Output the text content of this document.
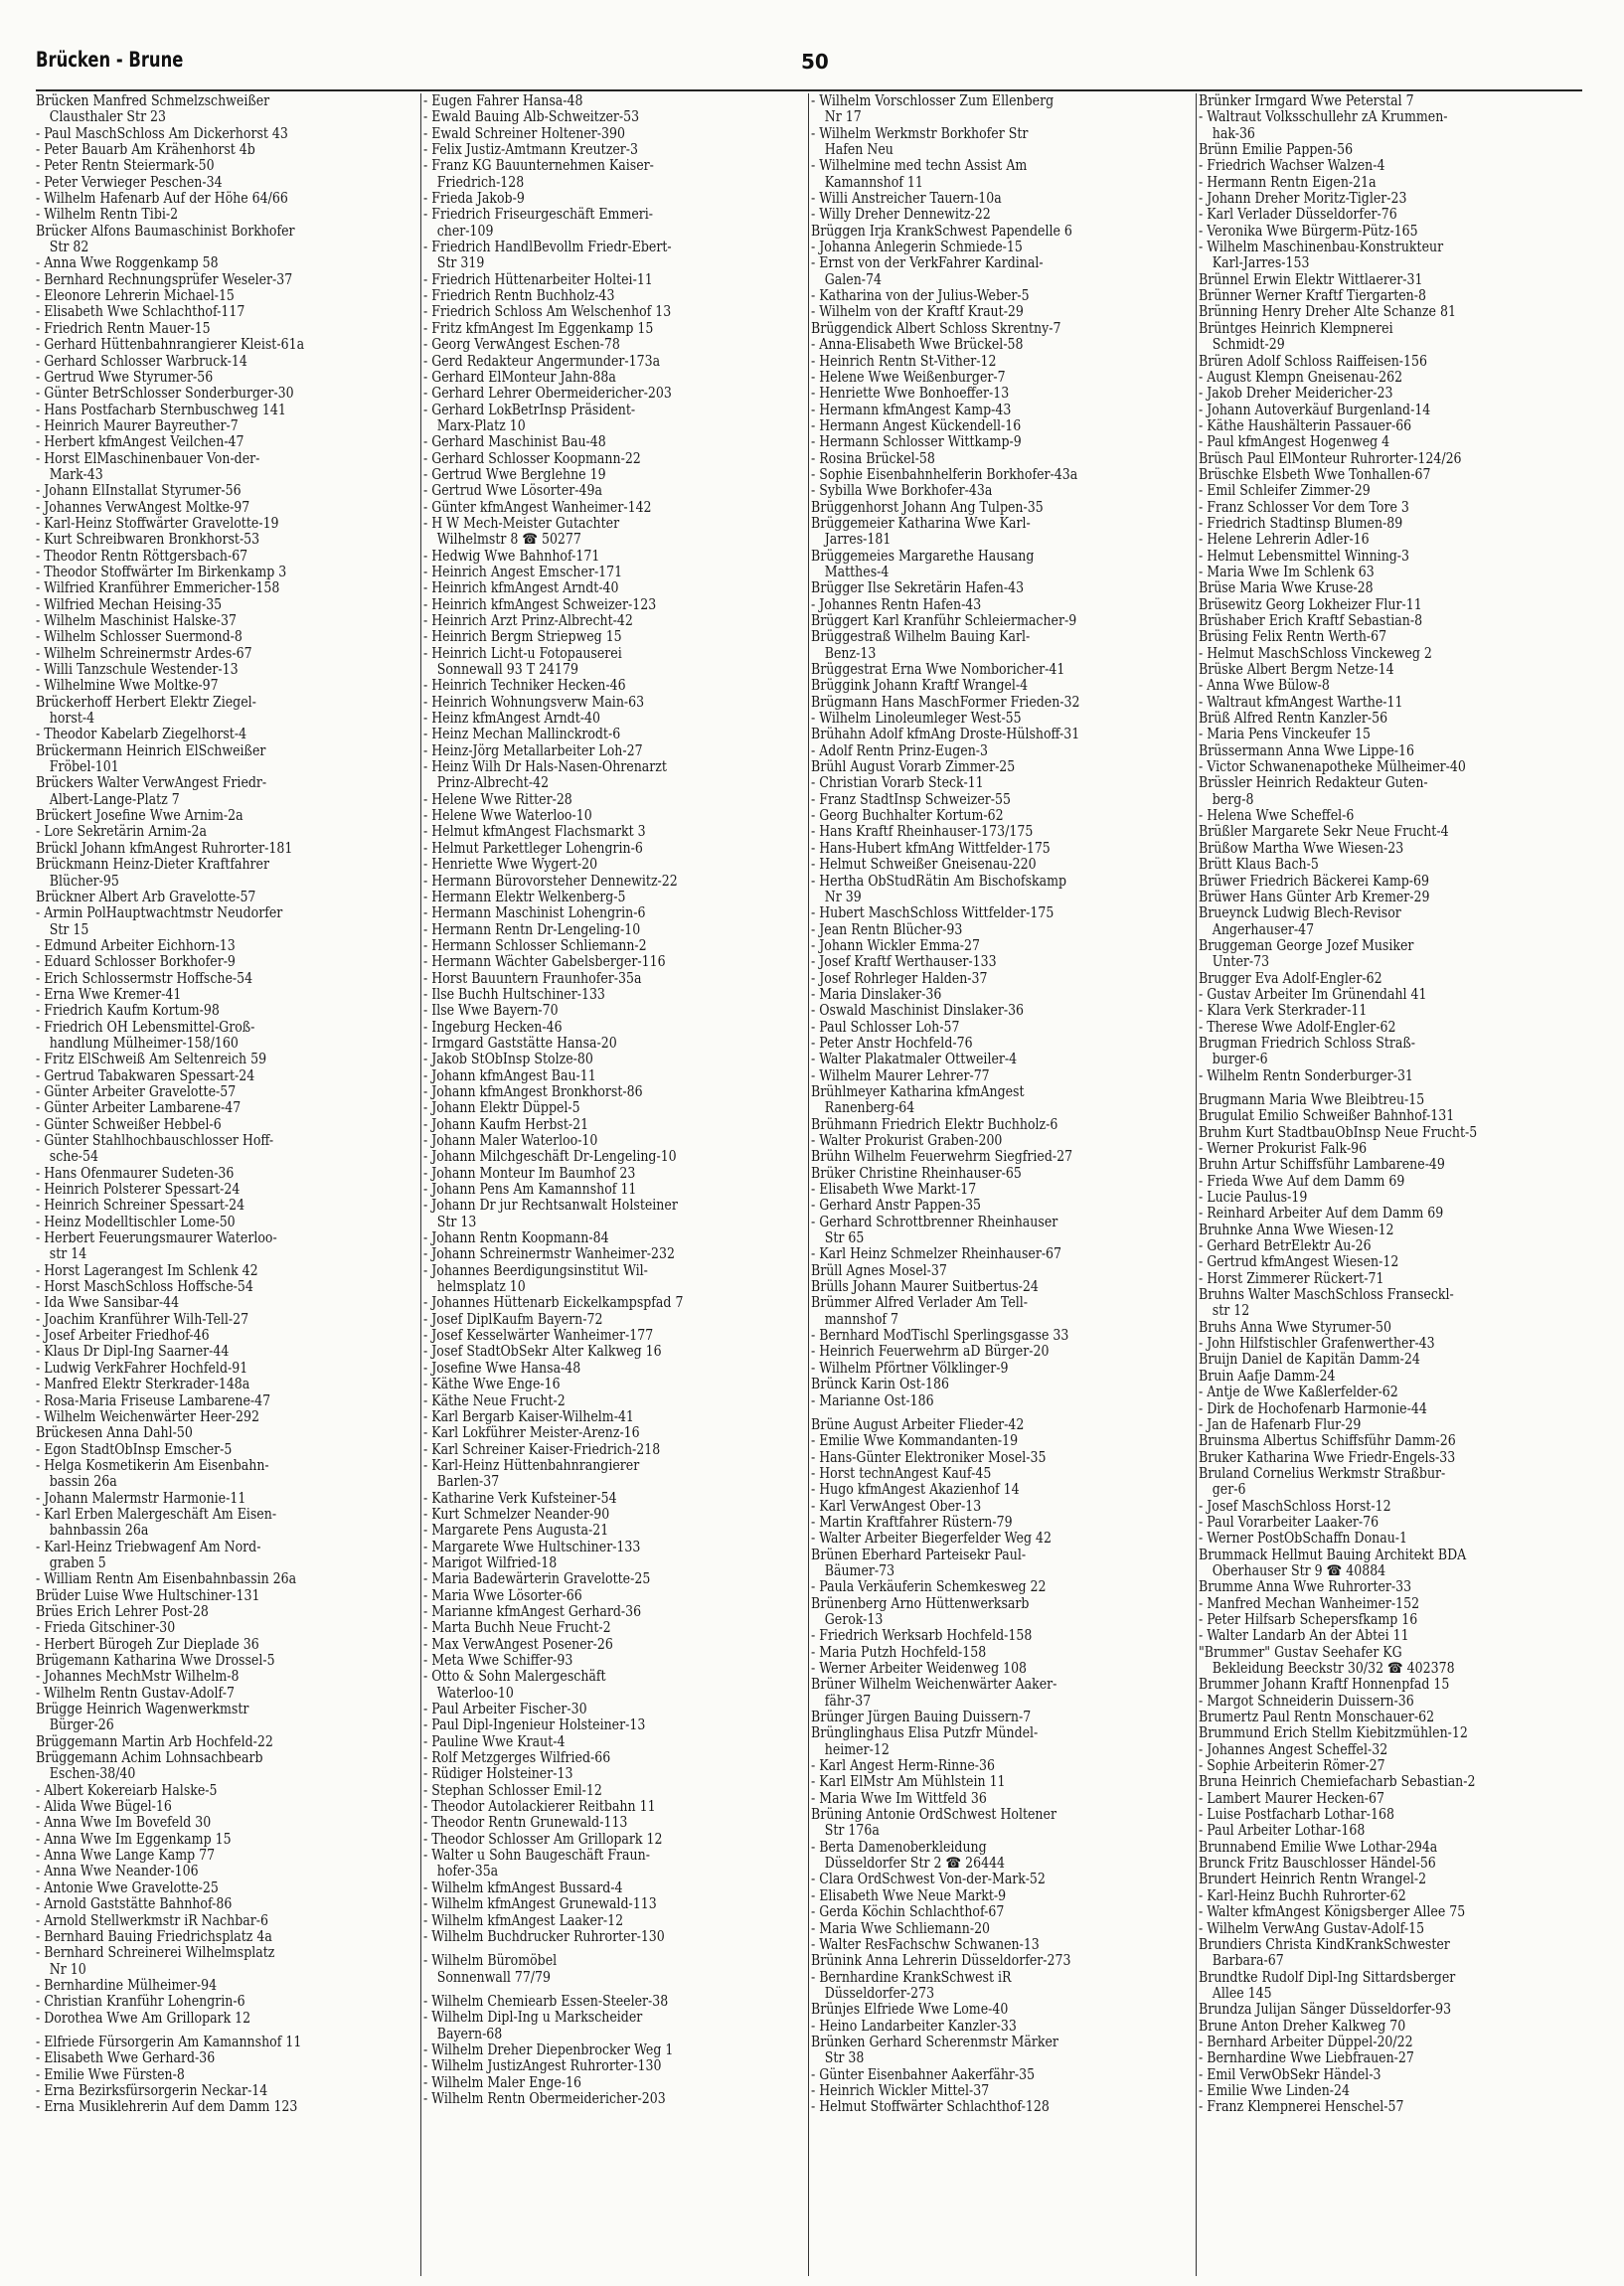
Brücken - Brune	50
Brücken Manfred Schmelzschweißer
Clausthaler Str 23
- Paul MaschSchloss Am Dickerhorst 43
- Peter Bauarb Am Krähenhorst 4b
- Peter Rentn Steiermark-50
- Peter Verwieger Peschen-34
- Wilhelm Hafenarb Auf der Höhe 64/66
- Wilhelm Rentn Tibi-2
Brücker Alfons Baumaschinist Borkhofer
Str 82
- Anna Wwe Roggenkamp 58
- Bernhard Rechnungsprüfer Weseler-37
- Eleonore Lehrerin Michael-15
- Elisabeth Wwe Schlachthof-117
- Friedrich Rentn Mauer-15
- Gerhard Hüttenbahnrangierer Kleist-61a
- Gerhard Schlosser Warbruck-14
- Gertrud Wwe Styrumer-56
- Günter BetrSchlosser Sonderburger-30
- Hans Postfacharb Sternbuschweg 141
- Heinrich Maurer Bayreuther-7
- Herbert kfmAngest Veilchen-47
- Horst ElMaschinenbauer Von-der-
Mark-43
- Johann ElInstallat Styrumer-56
- Johannes VerwAngest Moltke-97
- Karl-Heinz Stoffwärter Gravelotte-19
- Kurt Schreibwaren Bronkhorst-53
- Theodor Rentn Röttgersbach-67
- Theodor Stoffwärter Im Birkenkamp 3
- Wilfried Kranführer Emmericher-158
- Wilfried Mechan Heising-35
- Wilhelm Maschinist Halske-37
- Wilhelm Schlosser Suermond-8
- Wilhelm Schreinermstr Ardes-67
- Willi Tanzschule Westender-13
- Wilhelmine Wwe Moltke-97
Brückerhoff Herbert Elektr Ziegel-
horst-4
- Theodor Kabelarb Ziegelhorst-4
Brückermann Heinrich ElSchweißer
Fröbel-101
Brückers Walter VerwAngest Friedr-
Albert-Lange-Platz 7
Brückert Josefine Wwe Arnim-2a
- Lore Sekretärin Arnim-2a
Brückl Johann kfmAngest Ruhrorter-181
Brückmann Heinz-Dieter Kraftfahrer
Blücher-95
Brückner Albert Arb Gravelotte-57
- Armin PolHauptwachtmstr Neudorfer
Str 15
- Edmund Arbeiter Eichhorn-13
- Eduard Schlosser Borkhofer-9
- Erich Schlossermstr Hoffsche-54
- Erna Wwe Kremer-41
- Friedrich Kaufm Kortum-98
- Friedrich OH Lebensmittel-Groß-
handlung Mülheimer-158/160
- Fritz ElSchweiß Am Seltenreich 59
- Gertrud Tabakwaren Spessart-24
- Günter Arbeiter Gravelotte-57
- Günter Arbeiter Lambarene-47
- Günter Schweißer Hebbel-6
- Günter Stahlhochbauschlosser Hoff-
sche-54
- Hans Ofenmaurer Sudeten-36
- Heinrich Polsterer Spessart-24
- Heinrich Schreiner Spessart-24
- Heinz Modelltischler Lome-50
- Herbert Feuerungsmaurer Waterloo-
str 14
- Horst Lagerangest Im Schlenk 42
- Horst MaschSchloss Hoffsche-54
- Ida Wwe Sansibar-44
- Joachim Kranführer Wilh-Tell-27
- Josef Arbeiter Friedhof-46
- Klaus Dr Dipl-Ing Saarner-44
- Ludwig VerkFahrer Hochfeld-91
- Manfred Elektr Sterkrader-148a
- Rosa-Maria Friseuse Lambarene-47
- Wilhelm Weichenwärter Heer-292
Brückesen Anna Dahl-50
- Egon StadtObInsp Emscher-5
- Helga Kosmetikerin Am Eisenbahn-
bassin 26a
- Johann Malermstr Harmonie-11
- Karl Erben Malergeschäft Am Eisen-
bahnbassin 26a
- Karl-Heinz Triebwagenf Am Nord-
graben 5
- William Rentn Am Eisenbahnbassin 26a
Brüder Luise Wwe Hultschiner-131
Brües Erich Lehrer Post-28
- Frieda Gitschiner-30
- Herbert Bürogeh Zur Dieplade 36
Brügemann Katharina Wwe Drossel-5
- Johannes MechMstr Wilhelm-8
- Wilhelm Rentn Gustav-Adolf-7
Brügge Heinrich Wagenwerkmstr
Bürger-26
Brüggemann Martin Arb Hochfeld-22
Brüggemann Achim Lohnsachbearb
Eschen-38/40
- Albert Kokereiarb Halske-5
- Alida Wwe Bügel-16
- Anna Wwe Im Bovefeld 30
- Anna Wwe Im Eggenkamp 15
- Anna Wwe Lange Kamp 77
- Anna Wwe Neander-106
- Antonie Wwe Gravelotte-25
- Arnold Gaststätte Bahnhof-86
- Arnold Stellwerkmstr iR Nachbar-6
- Bernhard Bauing Friedrichsplatz 4a
- Bernhard Schreinerei Wilhelmsplatz
Nr 10
- Bernhardine Mülheimer-94
- Christian Kranführ Lohengrin-6
- Dorothea Wwe Am Grillopark 12
- Elfriede Fürsorgerin Am Kamannshof 11
- Elisabeth Wwe Gerhard-36
- Emilie Wwe Fürsten-8
- Erna Bezirksfürsorgerin Neckar-14
- Erna Musiklehrerin Auf dem Damm 123
- Eugen Fahrer Hansa-48
- Ewald Bauing Alb-Schweitzer-53
- Ewald Schreiner Holtener-390
- Felix Justiz-Amtmann Kreutzer-3
- Franz KG Bauunternehmen Kaiser-
Friedrich-128
- Frieda Jakob-9
- Friedrich Friseurgeschäft Emmeri-
cher-109
- Friedrich HandlBevollm Friedr-Ebert-
Str 319
- Friedrich Hüttenarbeiter Holtei-11
- Friedrich Rentn Buchholz-43
- Friedrich Schloss Am Welschenhof 13
- Fritz kfmAngest Im Eggenkamp 15
- Georg VerwAngest Eschen-78
- Gerd Redakteur Angermunder-173a
- Gerhard ElMonteur Jahn-88a
- Gerhard Lehrer Obermeidericher-203
- Gerhard LokBetrInsp Präsident-
Marx-Platz 10
- Gerhard Maschinist Bau-48
- Gerhard Schlosser Koopmann-22
- Gertrud Wwe Berglehne 19
- Gertrud Wwe Lösorter-49a
- Günter kfmAngest Wanheimer-142
- H W Mech-Meister Gutachter
Wilhelmstr 8 ☎ 50277
- Hedwig Wwe Bahnhof-171
- Heinrich Angest Emscher-171
- Heinrich kfmAngest Arndt-40
- Heinrich kfmAngest Schweizer-123
- Heinrich Arzt Prinz-Albrecht-42
- Heinrich Bergm Striepweg 15
- Heinrich Licht-u Fotopauserei
Sonnewall 93 T 24179
- Heinrich Techniker Hecken-46
- Heinrich Wohnungsverw Main-63
- Heinz kfmAngest Arndt-40
- Heinz Mechan Mallinckrodt-6
- Heinz-Jörg Metallarbeiter Loh-27
- Heinz Wilh Dr Hals-Nasen-Ohrenarzt
Prinz-Albrecht-42
- Helene Wwe Ritter-28
- Helene Wwe Waterloo-10
- Helmut kfmAngest Flachsmarkt 3
- Helmut Parkettleger Lohengrin-6
- Henriette Wwe Wygert-20
- Hermann Bürovorsteher Dennewitz-22
- Hermann Elektr Welkenberg-5
- Hermann Maschinist Lohengrin-6
- Hermann Rentn Dr-Lengeling-10
- Hermann Schlosser Schliemann-2
- Hermann Wächter Gabelsberger-116
- Horst Bauuntern Fraunhofer-35a
- Ilse Buchh Hultschiner-133
- Ilse Wwe Bayern-70
- Ingeburg Hecken-46
- Irmgard Gaststätte Hansa-20
- Jakob StObInsp Stolze-80
- Johann kfmAngest Bau-11
- Johann kfmAngest Bronkhorst-86
- Johann Elektr Düppel-5
- Johann Kaufm Herbst-21
- Johann Maler Waterloo-10
- Johann Milchgeschäft Dr-Lengeling-10
- Johann Monteur Im Baumhof 23
- Johann Pens Am Kamannshof 11
- Johann Dr jur Rechtsanwalt Holsteiner
Str 13
- Johann Rentn Koopmann-84
- Johann Schreinermstr Wanheimer-232
- Johannes Beerdigungsinstitut Wil-
helmsplatz 10
- Johannes Hüttenarb Eickelkampspfad 7
- Josef DiplKaufm Bayern-72
- Josef Kesselwärter Wanheimer-177
- Josef StadtObSekr Alter Kalkweg 16
- Josefine Wwe Hansa-48
- Käthe Wwe Enge-16
- Käthe Neue Frucht-2
- Karl Bergarb Kaiser-Wilhelm-41
- Karl Lokführer Meister-Arenz-16
- Karl Schreiner Kaiser-Friedrich-218
- Karl-Heinz Hüttenbahnrangierer
Barlen-37
- Katharine Verk Kufsteiner-54
- Kurt Schmelzer Neander-90
- Margarete Pens Augusta-21
- Margarete Wwe Hultschiner-133
- Marigot Wilfried-18
- Maria Badewärterin Gravelotte-25
- Maria Wwe Lösorter-66
- Marianne kfmAngest Gerhard-36
- Marta Buchh Neue Frucht-2
- Max VerwAngest Posener-26
- Meta Wwe Schiffer-93
- Otto & Sohn Malergeschäft
Waterloo-10
- Paul Arbeiter Fischer-30
- Paul Dipl-Ingenieur Holsteiner-13
- Pauline Wwe Kraut-4
- Rolf Metzgerges Wilfried-66
- Rüdiger Holsteiner-13
- Stephan Schlosser Emil-12
- Theodor Autolackierer Reitbahn 11
- Theodor Rentn Grunewald-113
- Theodor Schlosser Am Grillopark 12
- Walter u Sohn Baugeschäft Fraun-
hofer-35a
- Wilhelm kfmAngest Bussard-4
- Wilhelm kfmAngest Grunewald-113
- Wilhelm kfmAngest Laaker-12
- Wilhelm Buchdrucker Ruhrorter-130
- Wilhelm Büromöbel
Sonnenwall 77/79
- Wilhelm Chemiearb Essen-Steeler-38
- Wilhelm Dipl-Ing u Markscheider
Bayern-68
- Wilhelm Dreher Diepenbrocker Weg 1
- Wilhelm JustizAngest Ruhrorter-130
- Wilhelm Maler Enge-16
- Wilhelm Rentn Obermeidericher-203
- Wilhelm Vorschlosser Zum Ellenberg
Nr 17
- Wilhelm Werkmstr Borkhofer Str
Hafen Neu
- Wilhelmine med techn Assist Am
Kamannshof 11
- Willi Anstreicher Tauern-10a
- Willy Dreher Dennewitz-22
Brüggen Irja KrankSchwest Papendelle 6
- Johanna Anlegerin Schmiede-15
- Ernst von der VerkFahrer Kardinal-
Galen-74
- Katharina von der Julius-Weber-5
- Wilhelm von der Kraftf Kraut-29
Brüggendick Albert Schloss Skrentny-7
- Anna-Elisabeth Wwe Brückel-58
- Heinrich Rentn St-Vither-12
- Helene Wwe Weißenburger-7
- Henriette Wwe Bonhoeffer-13
- Hermann kfmAngest Kamp-43
- Hermann Angest Kückendell-16
- Hermann Schlosser Wittkamp-9
- Rosina Brückel-58
- Sophie Eisenbahnhelferin Borkhofer-43a
- Sybilla Wwe Borkhofer-43a
Brüggenhorst Johann Ang Tulpen-35
Brüggemeier Katharina Wwe Karl-
Jarres-181
Brüggemeies Margarethe Hausang
Matthes-4
Brügger Ilse Sekretärin Hafen-43
- Johannes Rentn Hafen-43
Brüggert Karl Kranführ Schleiermacher-9
Brüggestraß Wilhelm Bauing Karl-
Benz-13
Brüggestrat Erna Wwe Nomboricher-41
Brüggink Johann Kraftf Wrangel-4
Brügmann Hans MaschFormer Frieden-32
- Wilhelm Linoleumleger West-55
Brühahn Adolf kfmAng Droste-Hülshoff-31
- Adolf Rentn Prinz-Eugen-3
Brühl August Vorarb Zimmer-25
- Christian Vorarb Steck-11
- Franz StadtInsp Schweizer-55
- Georg Buchhalter Kortum-62
- Hans Kraftf Rheinhauser-173/175
- Hans-Hubert kfmAng Wittfelder-175
- Helmut Schweißer Gneisenau-220
- Hertha ObStudRätin Am Bischofskamp
Nr 39
- Hubert MaschSchloss Wittfelder-175
- Jean Rentn Blücher-93
- Johann Wickler Emma-27
- Josef Kraftf Werthauser-133
- Josef Rohrleger Halden-37
- Maria Dinslaker-36
- Oswald Maschinist Dinslaker-36
- Paul Schlosser Loh-57
- Peter Anstr Hochfeld-76
- Walter Plakatmaler Ottweiler-4
- Wilhelm Maurer Lehrer-77
Brühlmeyer Katharina kfmAngest
Ranenberg-64
Brühmann Friedrich Elektr Buchholz-6
- Walter Prokurist Graben-200
Brühn Wilhelm Feuerwehrm Siegfried-27
Brüker Christine Rheinhauser-65
- Elisabeth Wwe Markt-17
- Gerhard Anstr Pappen-35
- Gerhard Schrottbrenner Rheinhauser
Str 65
- Karl Heinz Schmelzer Rheinhauser-67
Brüll Agnes Mosel-37
Brülls Johann Maurer Suitbertus-24
Brümmer Alfred Verlader Am Tell-
mannshof 7
- Bernhard ModTischl Sperlingsgasse 33
- Heinrich Feuerwehrm aD Bürger-20
- Wilhelm Pförtner Völklinger-9
Brünck Karin Ost-186
- Marianne Ost-186
Brüne August Arbeiter Flieder-42
- Emilie Wwe Kommandanten-19
- Hans-Günter Elektroniker Mosel-35
- Horst technAngest Kauf-45
- Hugo kfmAngest Akazienhof 14
- Karl VerwAngest Ober-13
- Martin Kraftfahrer Rüstern-79
- Walter Arbeiter Biegerfelder Weg 42
Brünen Eberhard Parteisekr Paul-
Bäumer-73
- Paula Verkäuferin Schemkesweg 22
Brünenberg Arno Hüttenwerksarb
Gerok-13
- Friedrich Werksarb Hochfeld-158
- Maria Putzh Hochfeld-158
- Werner Arbeiter Weidenweg 108
Brüner Wilhelm Weichenwärter Aaker-
fähr-37
Brünger Jürgen Bauing Duissern-7
Brünglinghaus Elisa Putzfr Mündel-
heimer-12
- Karl Angest Herm-Rinne-36
- Karl ElMstr Am Mühlstein 11
- Maria Wwe Im Wittfeld 36
Brüning Antonie OrdSchwest Holtener
Str 176a
- Berta Damenoberkleidung
Düsseldorfer Str 2 ☎ 26444
- Clara OrdSchwest Von-der-Mark-52
- Elisabeth Wwe Neue Markt-9
- Gerda Köchin Schlachthof-67
- Maria Wwe Schliemann-20
- Walter ResFachschw Schwanen-13
Brünink Anna Lehrerin Düsseldorfer-273
- Bernhardine KrankSchwest iR
Düsseldorfer-273
Brünjes Elfriede Wwe Lome-40
- Heino Landarbeiter Kanzler-33
Brünken Gerhard Scherenmstr Märker
Str 38
- Günter Eisenbahner Aakerfähr-35
- Heinrich Wickler Mittel-37
- Helmut Stoffwärter Schlachthof-128
Brünker Irmgard Wwe Peterstal 7
- Waltraut Volksschullehr zA Krummen-
hak-36
Brünn Emilie Pappen-56
- Friedrich Wachser Walzen-4
- Hermann Rentn Eigen-21a
- Johann Dreher Moritz-Tigler-23
- Karl Verlader Düsseldorfer-76
- Veronika Wwe Bürgerm-Pütz-165
- Wilhelm Maschinenbau-Konstrukteur
Karl-Jarres-153
Brünnel Erwin Elektr Wittlaerer-31
Brünner Werner Kraftf Tiergarten-8
Brünning Henry Dreher Alte Schanze 81
Brüntges Heinrich Klempnerei
Schmidt-29
Brüren Adolf Schloss Raiffeisen-156
- August Klempn Gneisenau-262
- Jakob Dreher Meidericher-23
- Johann Autoverkäuf Burgenland-14
- Käthe Haushälterin Passauer-66
- Paul kfmAngest Hogenweg 4
Brüsch Paul ElMonteur Ruhrorter-124/26
Brüschke Elsbeth Wwe Tonhallen-67
- Emil Schleifer Zimmer-29
- Franz Schlosser Vor dem Tore 3
- Friedrich Stadtinsp Blumen-89
- Helene Lehrerin Adler-16
- Helmut Lebensmittel Winning-3
- Maria Wwe Im Schlenk 63
Brüse Maria Wwe Kruse-28
Brüsewitz Georg Lokheizer Flur-11
Brüshaber Erich Kraftf Sebastian-8
Brüsing Felix Rentn Werth-67
- Helmut MaschSchloss Vinckeweg 2
Brüske Albert Bergm Netze-14
- Anna Wwe Bülow-8
- Waltraut kfmAngest Warthe-11
Brüß Alfred Rentn Kanzler-56
- Maria Pens Vinckeufer 15
Brüssermann Anna Wwe Lippe-16
- Victor Schwanenapotheke Mülheimer-40
Brüssler Heinrich Redakteur Guten-
berg-8
- Helena Wwe Scheffel-6
Brüßler Margarete Sekr Neue Frucht-4
Brüßow Martha Wwe Wiesen-23
Brütt Klaus Bach-5
Brüwer Friedrich Bäckerei Kamp-69
Brüwer Hans Günter Arb Kremer-29
Brueynck Ludwig Blech-Revisor
Angerhauser-47
Bruggeman George Jozef Musiker
Unter-73
Brugger Eva Adolf-Engler-62
- Gustav Arbeiter Im Grünendahl 41
- Klara Verk Sterkrader-11
- Therese Wwe Adolf-Engler-62
Brugman Friedrich Schloss Straß-
burger-6
- Wilhelm Rentn Sonderburger-31
Brugmann Maria Wwe Bleibtreu-15
Brugulat Emilio Schweißer Bahnhof-131
Bruhm Kurt StadtbauObInsp Neue Frucht-5
- Werner Prokurist Falk-96
Bruhn Artur Schiffsführ Lambarene-49
- Frieda Wwe Auf dem Damm 69
- Lucie Paulus-19
- Reinhard Arbeiter Auf dem Damm 69
Bruhnke Anna Wwe Wiesen-12
- Gerhard BetrElektr Au-26
- Gertrud kfmAngest Wiesen-12
- Horst Zimmerer Rückert-71
Bruhns Walter MaschSchloss Franseckl-
str 12
Bruhs Anna Wwe Styrumer-50
- John Hilfstischler Grafenwerther-43
Bruijn Daniel de Kapitän Damm-24
Bruin Aafje Damm-24
- Antje de Wwe Kaßlerfelder-62
- Dirk de Hochofenarb Harmonie-44
- Jan de Hafenarb Flur-29
Bruinsma Albertus Schiffsführ Damm-26
Bruker Katharina Wwe Friedr-Engels-33
Bruland Cornelius Werkmstr Straßbur-
ger-6
- Josef MaschSchloss Horst-12
- Paul Vorarbeiter Laaker-76
- Werner PostObSchaffn Donau-1
Brummack Hellmut Bauing Architekt BDA
Oberhauser Str 9 ☎ 40884
Brumme Anna Wwe Ruhrorter-33
- Manfred Mechan Wanheimer-152
- Peter Hilfsarb Schepersfkamp 16
- Walter Landarb An der Abtei 11
"Brummer" Gustav Seehafer KG
Bekleidung Beeckstr 30/32 ☎ 402378
Brummer Johann Kraftf Honnenpfad 15
- Margot Schneiderin Duissern-36
Brumertz Paul Rentn Monschauer-62
Brummund Erich Stellm Kiebitzmühlen-12
- Johannes Angest Scheffel-32
- Sophie Arbeiterin Römer-27
Bruna Heinrich Chemiefacharb Sebastian-2
- Lambert Maurer Hecken-67
- Luise Postfacharb Lothar-168
- Paul Arbeiter Lothar-168
Brunnabend Emilie Wwe Lothar-294a
Brunck Fritz Bauschlosser Händel-56
Brundert Heinrich Rentn Wrangel-2
- Karl-Heinz Buchh Ruhrorter-62
- Walter kfmAngest Königsberger Allee 75
- Wilhelm VerwAng Gustav-Adolf-15
Brundiers Christa KindKrankSchwester
Barbara-67
Brundtke Rudolf Dipl-Ing Sittardsberger
Allee 145
Brundza Julijan Sänger Düsseldorfer-93
Brune Anton Dreher Kalkweg 70
- Bernhard Arbeiter Düppel-20/22
- Bernhardine Wwe Liebfrauen-27
- Emil VerwObSekr Händel-3
- Emilie Wwe Linden-24
- Franz Klempnerei Henschel-57
